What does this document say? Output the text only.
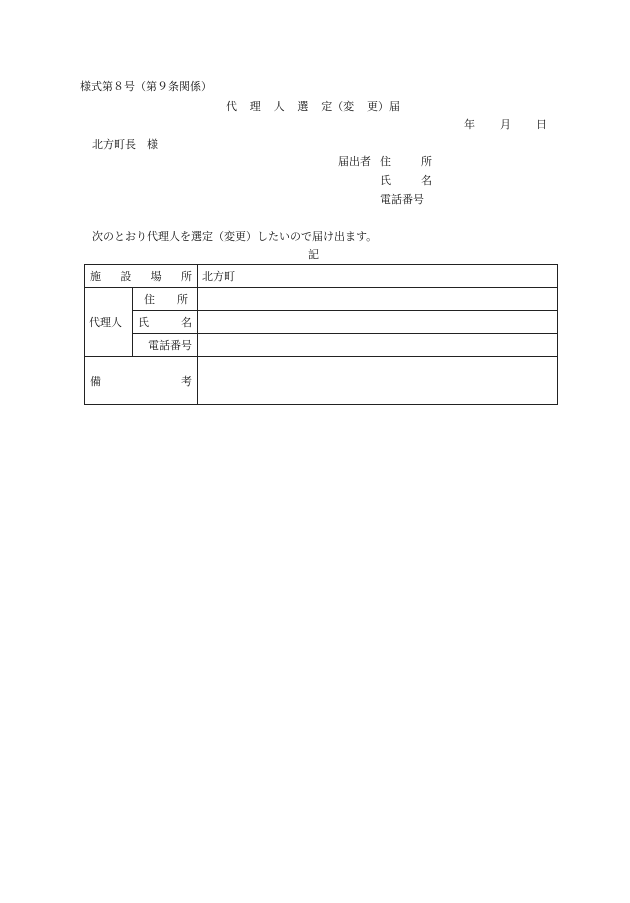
様式第８号（第９条関係）
代 理 人 選 定（変 更）届
年 月 日
北方町長　様
届出者 住	所
氏	名
電話番号
次のとおり代理人を選定（変更）したいので届け出ます。
記
施 設 場 所		北方町
代理人	住 所	

	氏 名	

	電話番号	

備 考		
